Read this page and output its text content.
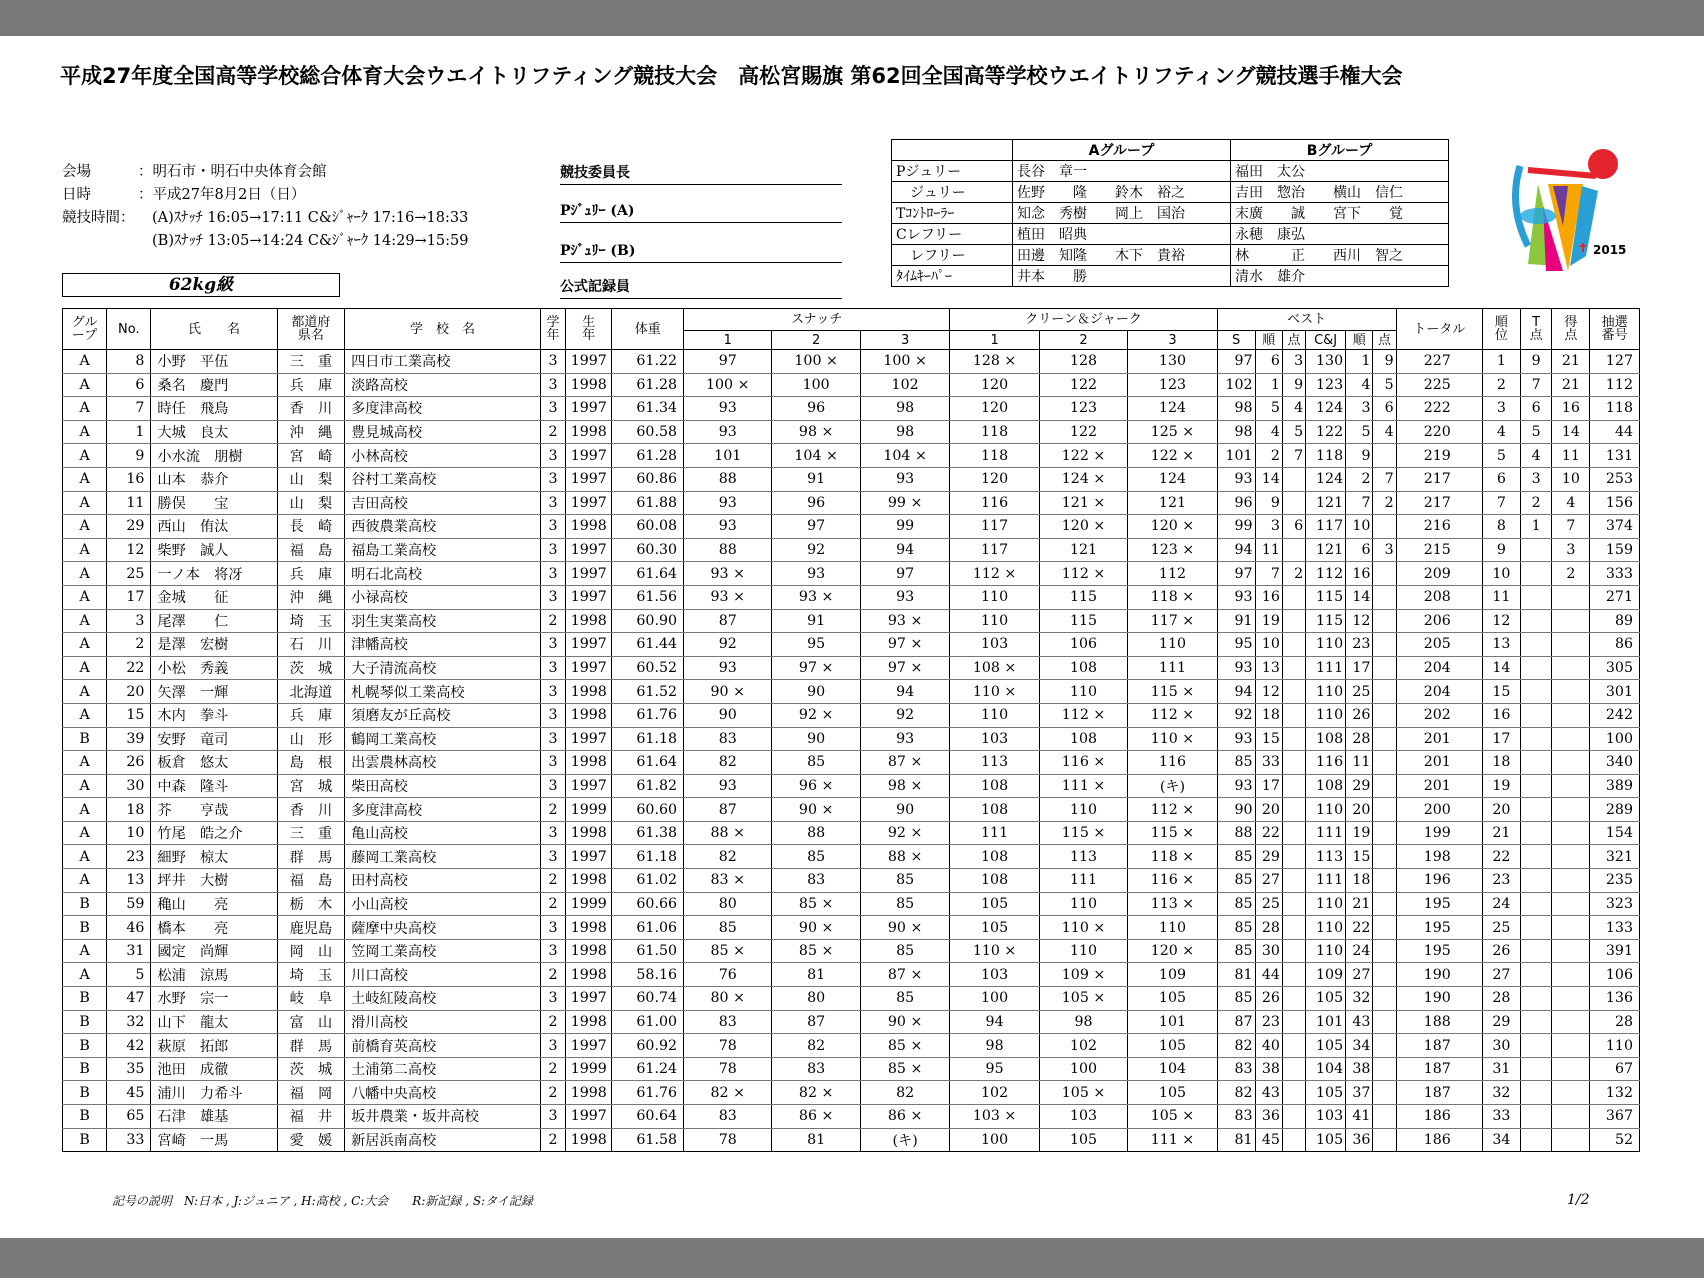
平成27年度全国高等学校総合体育大会ウエイトリフティング競技大会　高松宮賜旗 第62回全国高等学校ウエイトリフティング競技選手権大会
会場	：明石市・明石中央体育会館
日時	：平成27年8月2日（日）
競技時間： (A)ｽﾅｯﾁ 16:05→17:11 C&ｼﾞｬｰｸ 17:16→18:33
(B)ｽﾅｯﾁ 13:05→14:24 C&ｼﾞｬｰｸ 14:29→15:59
62kg級
競技委員長
Pｼﾞｭﾘｰ (A)
Pｼﾞｭﾘｰ (B)
公式記録員
	Aグループ	Bグループ
Pジュリー	長谷　章一	福田　太公
　ジュリー	佐野　　隆　　鈴木　裕之	吉田　惣治　　横山　信仁
Tｺﾝﾄﾛｰﾗｰ	知念　秀樹　　岡上　国治	末廣　　誠　　宮下　　覚
Cレフリー	植田　昭典	永穂　康弘
　レフリー	田邊　知隆　　木下　貴裕	林　　　正　　西川　智之
ﾀｲﾑｷｰﾊﾟｰ	井本　　勝	清水　雄介
2015
グル
ープ	No.	氏　　名	都道府
県名	学　校　名	学
年	生
年	体重	スナッチ			クリーン＆ジャーク			ベスト						トータル	順
位	T
点	得
点	抽選
番号
								1	2	3	1	2	3	S	順	点	C&J	順	点					
A	8	小野　平伍	三　重	四日市工業高校	3	1997	61.22	97	100 ×	100 ×	128 ×	128	130	97	6	3	130	1	9	227	1	9	21	127
A	6	桑名　慶門	兵　庫	淡路高校	3	1998	61.28	100 ×	100	102	120	122	123	102	1	9	123	4	5	225	2	7	21	112
A	7	時任　飛鳥	香　川	多度津高校	3	1997	61.34	93	96	98	120	123	124	98	5	4	124	3	6	222	3	6	16	118
A	1	大城　良太	沖　縄	豊見城高校	2	1998	60.58	93	98 ×	98	118	122	125 ×	98	4	5	122	5	4	220	4	5	14	44
A	9	小水流　朋樹	宮　崎	小林高校	3	1997	61.28	101	104 ×	104 ×	118	122 ×	122 ×	101	2	7	118	9		219	5	4	11	131
A	16	山本　恭介	山　梨	谷村工業高校	3	1997	60.86	88	91	93	120	124 ×	124	93	14		124	2	7	217	6	3	10	253
A	11	勝俣　　宝	山　梨	吉田高校	3	1997	61.88	93	96	99 ×	116	121 ×	121	96	9		121	7	2	217	7	2	4	156
A	29	西山　侑汰	長　崎	西彼農業高校	3	1998	60.08	93	97	99	117	120 ×	120 ×	99	3	6	117	10		216	8	1	7	374
A	12	柴野　誠人	福　島	福島工業高校	3	1997	60.30	88	92	94	117	121	123 ×	94	11		121	6	3	215	9		3	159
A	25	一ノ本　将冴	兵　庫	明石北高校	3	1997	61.64	93 ×	93	97	112 ×	112 ×	112	97	7	2	112	16		209	10		2	333
A	17	金城　　征	沖　縄	小禄高校	3	1997	61.56	93 ×	93 ×	93	110	115	118 ×	93	16		115	14		208	11			271
A	3	尾澤　　仁	埼　玉	羽生実業高校	2	1998	60.90	87	91	93 ×	110	115	117 ×	91	19		115	12		206	12			89
A	2	是澤　宏樹	石　川	津幡高校	3	1997	61.44	92	95	97 ×	103	106	110	95	10		110	23		205	13			86
A	22	小松　秀義	茨　城	大子清流高校	3	1997	60.52	93	97 ×	97 ×	108 ×	108	111	93	13		111	17		204	14			305
A	20	矢澤　一輝	北海道	札幌琴似工業高校	3	1998	61.52	90 ×	90	94	110 ×	110	115 ×	94	12		110	25		204	15			301
A	15	木内　拳斗	兵　庫	須磨友が丘高校	3	1998	61.76	90	92 ×	92	110	112 ×	112 ×	92	18		110	26		202	16			242
B	39	安野　竜司	山　形	鶴岡工業高校	3	1997	61.18	83	90	93	103	108	110 ×	93	15		108	28		201	17			100
A	26	板倉　悠太	島　根	出雲農林高校	3	1998	61.64	82	85	87 ×	113	116 ×	116	85	33		116	11		201	18			340
A	30	中森　隆斗	宮　城	柴田高校	3	1997	61.82	93	96 ×	98 ×	108	111 ×	(キ)	93	17		108	29		201	19			389
A	18	芥　　亨哉	香　川	多度津高校	2	1999	60.60	87	90 ×	90	108	110	112 ×	90	20		110	20		200	20			289
A	10	竹尾　皓之介	三　重	亀山高校	3	1998	61.38	88 ×	88	92 ×	111	115 ×	115 ×	88	22		111	19		199	21			154
A	23	細野　椋太	群　馬	藤岡工業高校	3	1997	61.18	82	85	88 ×	108	113	118 ×	85	29		113	15		198	22			321
A	13	坪井　大樹	福　島	田村高校	2	1998	61.02	83 ×	83	85	108	111	116 ×	85	27		111	18		196	23			235
B	59	穐山　　亮	栃　木	小山高校	2	1999	60.66	80	85 ×	85	105	110	113 ×	85	25		110	21		195	24			323
B	46	橋本　　亮	鹿児島	薩摩中央高校	3	1998	61.06	85	90 ×	90 ×	105	110 ×	110	85	28		110	22		195	25			133
A	31	國定　尚輝	岡　山	笠岡工業高校	3	1998	61.50	85 ×	85 ×	85	110 ×	110	120 ×	85	30		110	24		195	26			391
A	5	松浦　涼馬	埼　玉	川口高校	2	1998	58.16	76	81	87 ×	103	109 ×	109	81	44		109	27		190	27			106
B	47	水野　宗一	岐　阜	土岐紅陵高校	3	1997	60.74	80 ×	80	85	100	105 ×	105	85	26		105	32		190	28			136
B	32	山下　龍太	富　山	滑川高校	2	1998	61.00	83	87	90 ×	94	98	101	87	23		101	43		188	29			28
B	42	萩原　拓郎	群　馬	前橋育英高校	3	1997	60.92	78	82	85 ×	98	102	105	82	40		105	34		187	30			110
B	35	池田　成徹	茨　城	土浦第二高校	2	1999	61.24	78	83	85 ×	95	100	104	83	38		104	38		187	31			67
B	45	浦川　力希斗	福　岡	八幡中央高校	2	1998	61.76	82 ×	82 ×	82	102	105 ×	105	82	43		105	37		187	32			132
B	65	石津　雄基	福　井	坂井農業・坂井高校	3	1997	60.64	83	86 ×	86 ×	103 ×	103	105 ×	83	36		103	41		186	33			367
B	33	宮崎　一馬	愛　媛	新居浜南高校	2	1998	61.58	78	81	(キ)	100	105	111 ×	81	45		105	36		186	34			52
記号の説明　N:日本 , J:ジュニア , H:高校 , C:大会　　R:新記録 , S:タイ記録	1/2
